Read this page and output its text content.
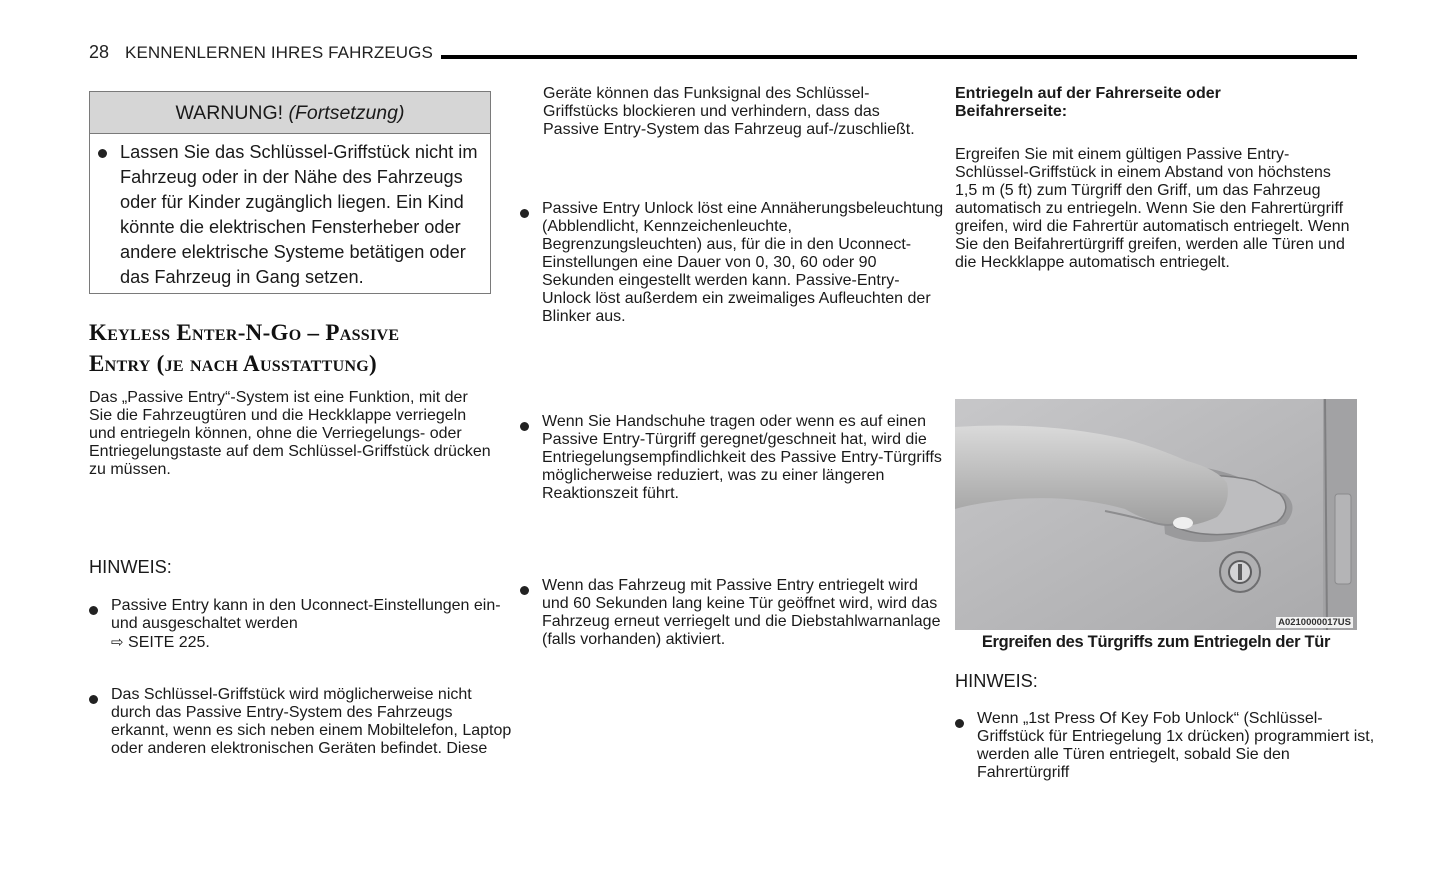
28 KENNENLERNEN IHRES FAHRZEUGS
WARNUNG! (Fortsetzung)
Lassen Sie das Schlüssel-Griffstück nicht im Fahrzeug oder in der Nähe des Fahrzeugs oder für Kinder zugänglich liegen. Ein Kind könnte die elektrischen Fensterheber oder andere elektrische Systeme betätigen oder das Fahrzeug in Gang setzen.
Keyless Enter-N-Go – Passive
Entry (je nach Ausstattung)

Das „Passive Entry“-System ist eine Funktion, mit der Sie die Fahrzeugtüren und die Heckklappe verriegeln und entriegeln können, ohne die Verriegelungs- oder Entriegelungstaste auf dem Schlüssel-Griffstück drücken zu müssen.

HINWEIS:
Passive Entry kann in den Uconnect-Einstellungen ein- und ausgeschaltet werden
⇨ SEITE 225.
Das Schlüssel-Griffstück wird möglicherweise nicht durch das Passive Entry-System des Fahrzeugs erkannt, wenn es sich neben einem Mobiltelefon, Laptop oder anderen elektronischen Geräten befindet. Diese

Geräte können das Funksignal des Schlüssel-Griffstücks blockieren und verhindern, dass das Passive Entry-System das Fahrzeug auf-/zuschließt.

Passive Entry Unlock löst eine Annäherungsbeleuchtung (Abblendlicht, Kennzeichenleuchte, Begrenzungsleuchten) aus, für die in den Uconnect-Einstellungen eine Dauer von 0, 30, 60 oder 90 Sekunden eingestellt werden kann. Passive-Entry-Unlock löst außerdem ein zweimaliges Aufleuchten der Blinker aus.
Wenn Sie Handschuhe tragen oder wenn es auf einen Passive Entry-Türgriff geregnet/geschneit hat, wird die Entriegelungsempfindlichkeit des Passive Entry-Türgriffs möglicherweise reduziert, was zu einer längeren Reaktionszeit führt.
Wenn das Fahrzeug mit Passive Entry entriegelt wird und 60 Sekunden lang keine Tür geöffnet wird, wird das Fahrzeug erneut verriegelt und die Diebstahlwarnanlage (falls vorhanden) aktiviert.
Entriegeln auf der Fahrerseite oder Beifahrerseite:

Ergreifen Sie mit einem gültigen Passive Entry-Schlüssel-Griffstück in einem Abstand von höchstens 1,5 m (5 ft) zum Türgriff den Griff, um das Fahrzeug automatisch zu entriegeln. Wenn Sie den Fahrertürgriff greifen, wird die Fahrertür automatisch entriegelt. Wenn Sie den Beifahrertürgriff greifen, werden alle Türen und die Heckklappe automatisch entriegelt.

A0210000017US
Ergreifen des Türgriffs zum Entriegeln der Tür
HINWEIS:
Wenn „1st Press Of Key Fob Unlock“ (Schlüssel-Griffstück für Entriegelung 1x drücken) programmiert ist, werden alle Türen entriegelt, sobald Sie den Fahrertürgriff
